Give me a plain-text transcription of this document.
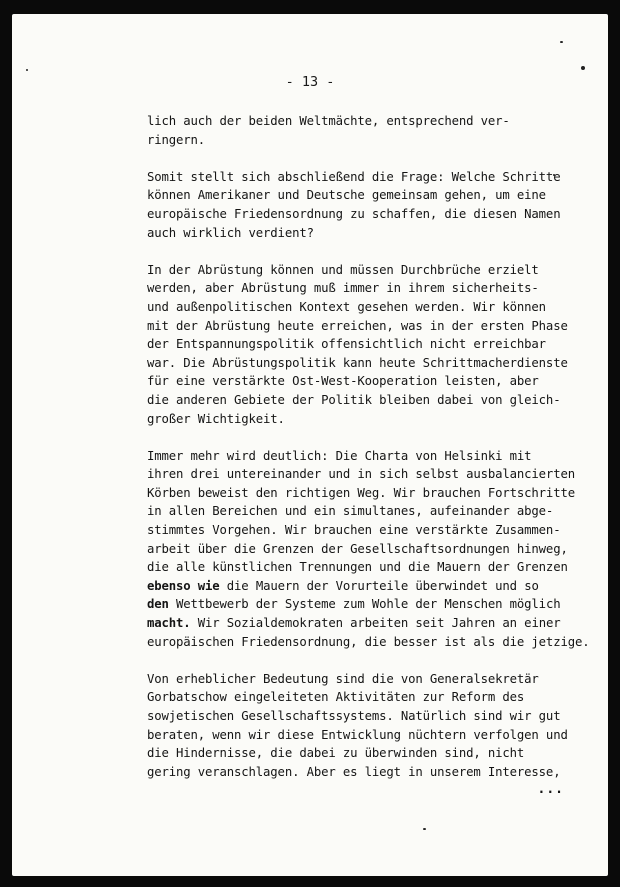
- 13 -

lich auch der beiden Weltmächte, entsprechend ver-
ringern.

Somit stellt sich abschließend die Frage: Welche Schritte
können Amerikaner und Deutsche gemeinsam gehen, um eine
europäische Friedensordnung zu schaffen, die diesen Namen
auch wirklich verdient?

In der Abrüstung können und müssen Durchbrüche erzielt
werden, aber Abrüstung muß immer in ihrem sicherheits-
und außenpolitischen Kontext gesehen werden. Wir können
mit der Abrüstung heute erreichen, was in der ersten Phase
der Entspannungspolitik offensichtlich nicht erreichbar
war. Die Abrüstungspolitik kann heute Schrittmacherdienste
für eine verstärkte Ost-West-Kooperation leisten, aber
die anderen Gebiete der Politik bleiben dabei von gleich-
großer Wichtigkeit.

Immer mehr wird deutlich: Die Charta von Helsinki mit
ihren drei untereinander und in sich selbst ausbalancierten
Körben beweist den richtigen Weg. Wir brauchen Fortschritte
in allen Bereichen und ein simultanes, aufeinander abge-
stimmtes Vorgehen. Wir brauchen eine verstärkte Zusammen-
arbeit über die Grenzen der Gesellschaftsordnungen hinweg,
die alle künstlichen Trennungen und die Mauern der Grenzen
ebenso wie die Mauern der Vorurteile überwindet und so
den Wettbewerb der Systeme zum Wohle der Menschen möglich
macht. Wir Sozialdemokraten arbeiten seit Jahren an einer
europäischen Friedensordnung, die besser ist als die jetzige.

Von erheblicher Bedeutung sind die von Generalsekretär
Gorbatschow eingeleiteten Aktivitäten zur Reform des
sowjetischen Gesellschaftssystems. Natürlich sind wir gut
beraten, wenn wir diese Entwicklung nüchtern verfolgen und
die Hindernisse, die dabei zu überwinden sind, nicht
gering veranschlagen. Aber es liegt in unserem Interesse,

...
